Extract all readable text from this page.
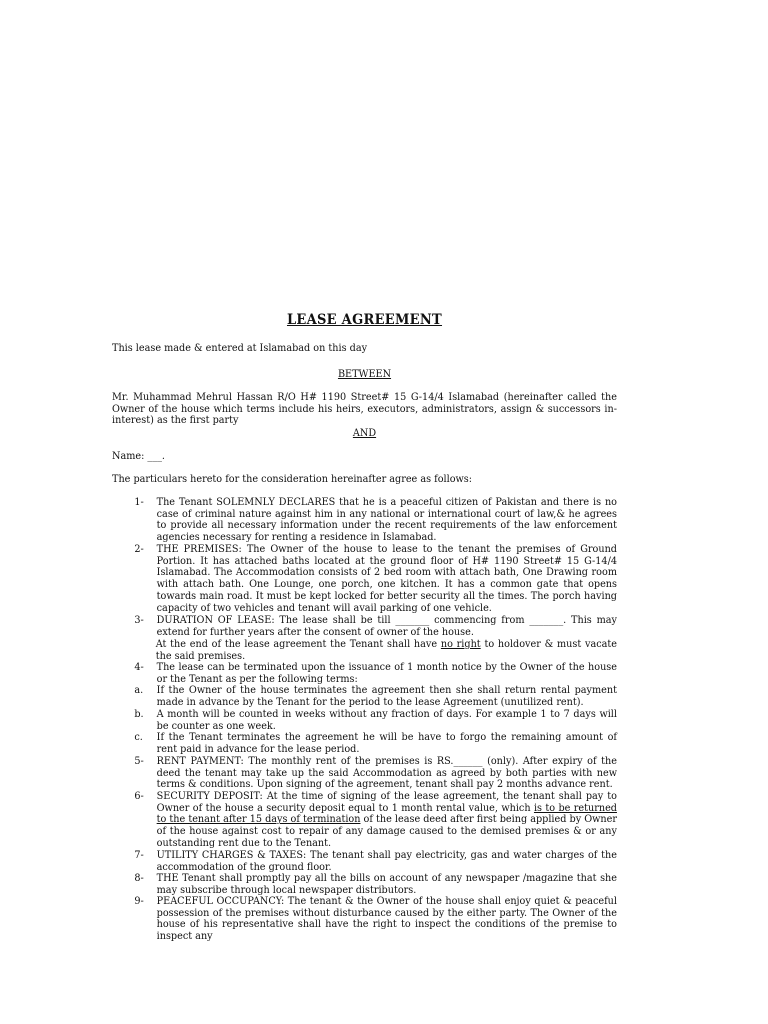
LEASE AGREEMENT

This lease made & entered at Islamabad on this day

BETWEEN

Mr. Muhammad Mehrul Hassan R/O H# 1190 Street# 15 G-14/4 Islamabad (hereinafter called the Owner of the house which terms include his heirs, executors, administrators, assign & successors in-interest) as the first party

AND

Name: ___.

The particulars hereto for the consideration hereinafter agree as follows:

1- The Tenant SOLEMNLY DECLARES that he is a peaceful citizen of Pakistan and there is no case of criminal nature against him in any national or international court of law,& he agrees to provide all necessary information under the recent requirements of the law enforcement agencies necessary for renting a residence in Islamabad.
2- THE PREMISES: The Owner of the house to lease to the tenant the premises of Ground Portion. It has attached baths located at the ground floor of H# 1190 Street# 15 G-14/4 Islamabad. The Accommodation consists of 2 bed room with attach bath, One Drawing room with attach bath. One Lounge, one porch, one kitchen. It has a common gate that opens towards main road. It must be kept locked for better security all the times. The porch having capacity of two vehicles and tenant will avail parking of one vehicle.
3- DURATION OF LEASE: The lease shall be till _______ commencing from _______. This may extend for further years after the consent of owner of the house.
At the end of the lease agreement the Tenant shall have no right to holdover & must vacate the said premises.
4- The lease can be terminated upon the issuance of 1 month notice by the Owner of the house or the Tenant as per the following terms:
a. If the Owner of the house terminates the agreement then she shall return rental payment made in advance by the Tenant for the period to the lease Agreement (unutilized rent).
b. A month will be counted in weeks without any fraction of days. For example 1 to 7 days will be counter as one week.
c. If the Tenant terminates the agreement he will be have to forgo the remaining amount of rent paid in advance for the lease period.
5- RENT PAYMENT: The monthly rent of the premises is RS.______ (only). After expiry of the deed the tenant may take up the said Accommodation as agreed by both parties with new terms & conditions. Upon signing of the agreement, tenant shall pay 2 months advance rent.
6- SECURITY DEPOSIT: At the time of signing of the lease agreement, the tenant shall pay to Owner of the house a security deposit equal to 1 month rental value, which is to be returned to the tenant after 15 days of termination of the lease deed after first being applied by Owner of the house against cost to repair of any damage caused to the demised premises & or any outstanding rent due to the Tenant.
7- UTILITY CHARGES & TAXES: The tenant shall pay electricity, gas and water charges of the accommodation of the ground floor.
8- THE Tenant shall promptly pay all the bills on account of any newspaper /magazine that she may subscribe through local newspaper distributors.
9- PEACEFUL OCCUPANCY: The tenant & the Owner of the house shall enjoy quiet & peaceful possession of the premises without disturbance caused by the either party. The Owner of the house of his representative shall have the right to inspect the conditions of the premise to inspect any
